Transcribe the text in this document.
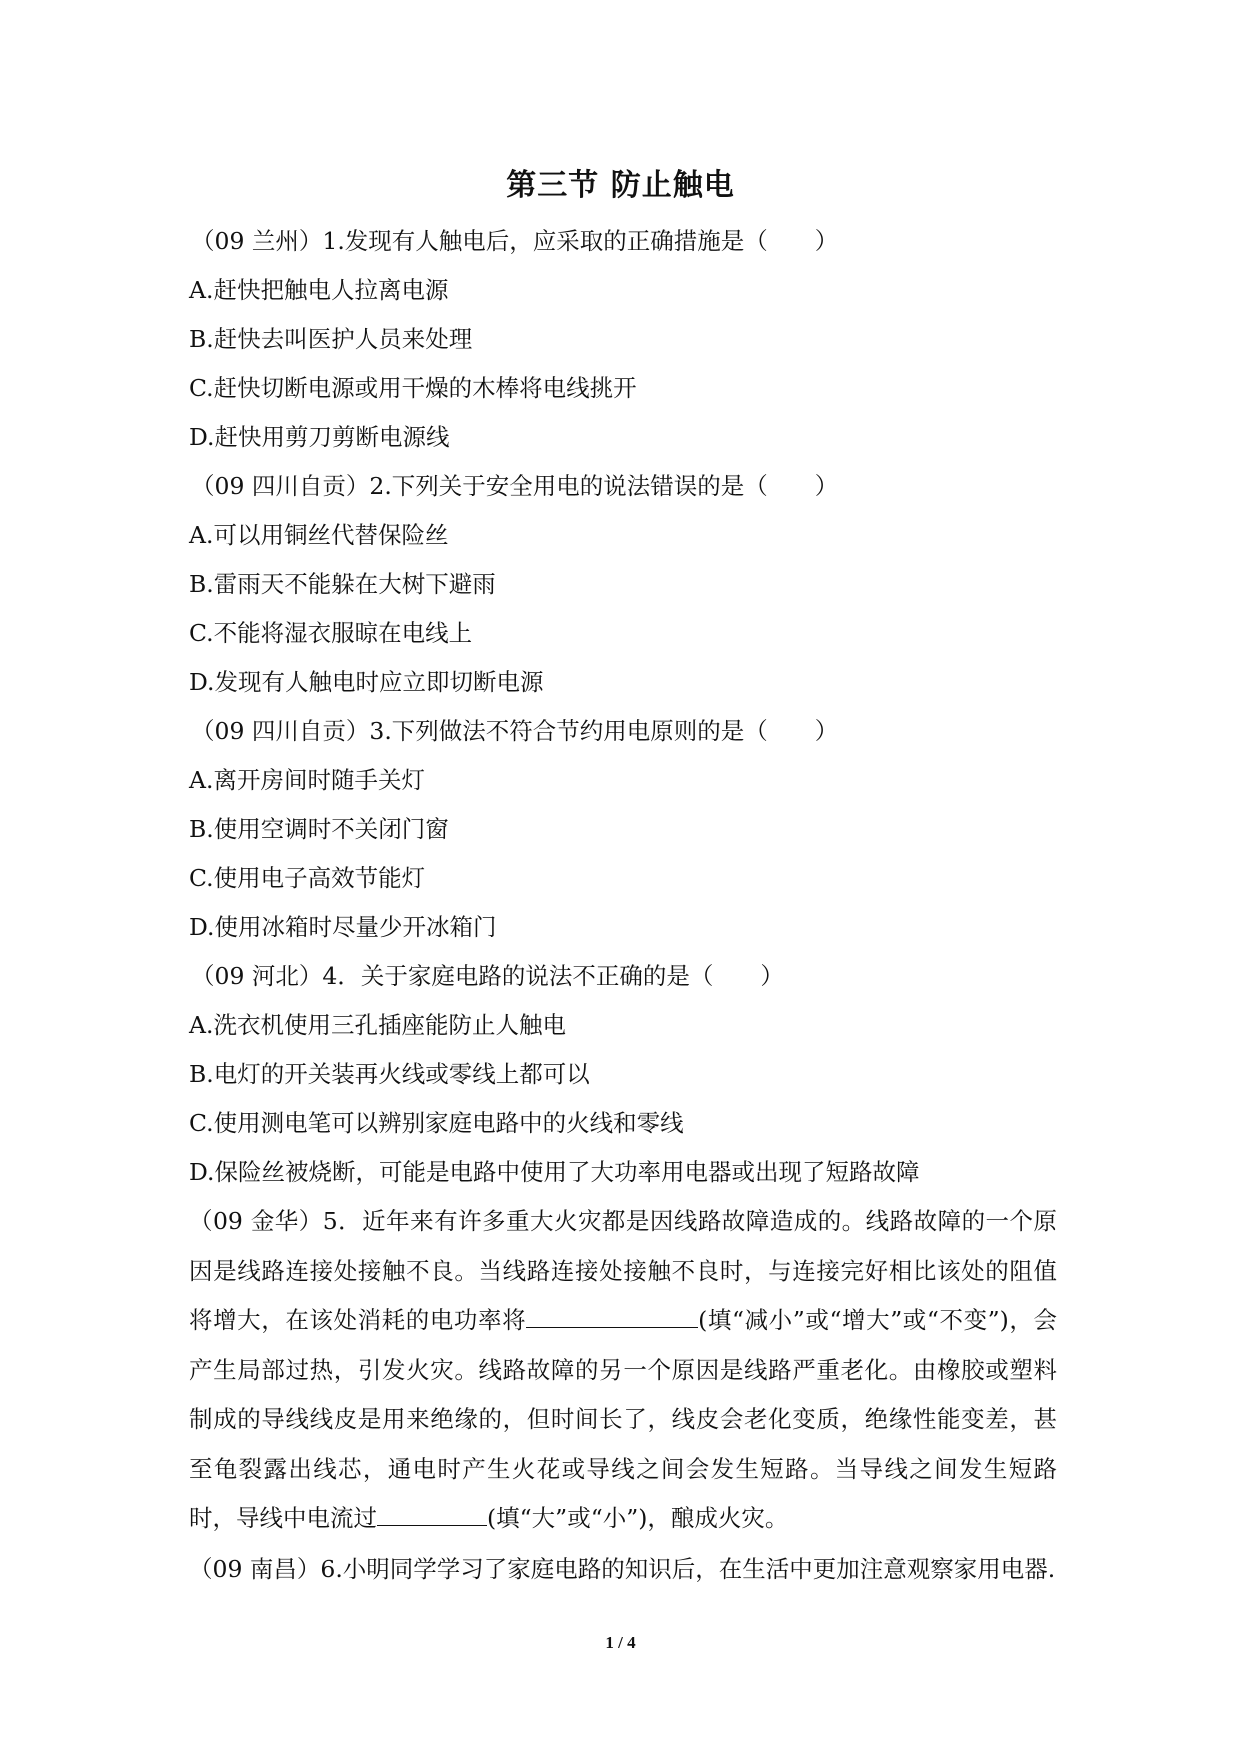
第三节 防止触电
（09 兰州）1.发现有人触电后，应采取的正确措施是（　　）
A.赶快把触电人拉离电源
B.赶快去叫医护人员来处理
C.赶快切断电源或用干燥的木棒将电线挑开
D.赶快用剪刀剪断电源线
（09 四川自贡）2.下列关于安全用电的说法错误的是（　　）
A.可以用铜丝代替保险丝
B.雷雨天不能躲在大树下避雨
C.不能将湿衣服晾在电线上
D.发现有人触电时应立即切断电源
（09 四川自贡）3.下列做法不符合节约用电原则的是（　　）
A.离开房间时随手关灯
B.使用空调时不关闭门窗
C.使用电子高效节能灯
D.使用冰箱时尽量少开冰箱门
（09 河北）4．关于家庭电路的说法不正确的是（　　）
A.洗衣机使用三孔插座能防止人触电
B.电灯的开关装再火线或零线上都可以
C.使用测电笔可以辨别家庭电路中的火线和零线
D.保险丝被烧断，可能是电路中使用了大功率用电器或出现了短路故障
（09 金华）5．近年来有许多重大火灾都是因线路故障造成的。线路故障的一个原因是线路连接处接触不良。当线路连接处接触不良时，与连接完好相比该处的阻值将增大，在该处消耗的电功率将	(填“减小”或“增大”或“不变”)，会产生局部过热，引发火灾。线路故障的另一个原因是线路严重老化。由橡胶或塑料制成的导线线皮是用来绝缘的，但时间长了，线皮会老化变质，绝缘性能变差，甚至龟裂露出线芯，通电时产生火花或导线之间会发生短路。当导线之间发生短路时，导线中电流过	(填“大”或“小”)，酿成火灾。
（09 南昌）6.小明同学学习了家庭电路的知识后，在生活中更加注意观察家用电器.
1 / 4
